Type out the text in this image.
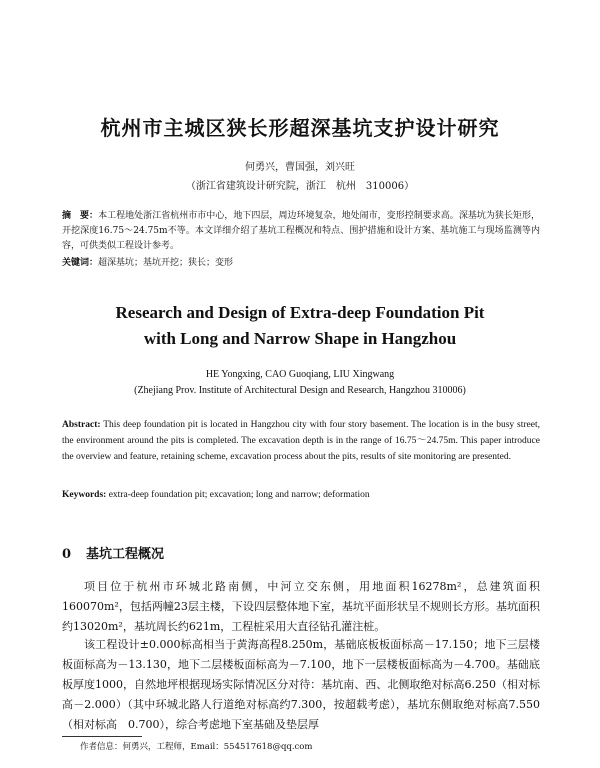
杭州市主城区狭长形超深基坑支护设计研究
何勇兴，曹国强，刘兴旺
（浙江省建筑设计研究院，浙江　杭州　310006）
摘　要：本工程地处浙江省杭州市市中心，地下四层，周边环境复杂，地处闹市，变形控制要求高。深基坑为狭长矩形，开挖深度16.75～24.75m不等。本文详细介绍了基坑工程概况和特点、围护措施和设计方案、基坑施工与现场监测等内容，可供类似工程设计参考。
关键词：超深基坑；基坑开挖；狭长；变形
Research and Design of Extra-deep Foundation Pit
with Long and Narrow Shape in Hangzhou
HE Yongxing, CAO Guoqiang, LIU Xingwang
(Zhejiang Prov. Institute of Architectural Design and Research, Hangzhou 310006)
Abstract: This deep foundation pit is located in Hangzhou city with four story basement. The location is in the busy street, the environment around the pits is completed. The excavation depth is in the range of 16.75～24.75m. This paper introduce the overview and feature, retaining scheme, excavation process about the pits, results of site monitoring are presented.
Keywords: extra-deep foundation pit; excavation; long and narrow; deformation
0 基坑工程概况
项目位于杭州市环城北路南侧，中河立交东侧，用地面积16278m²，总建筑面积160070m²，包括两幢23层主楼，下设四层整体地下室，基坑平面形状呈不规则长方形。基坑面积约13020m²，基坑周长约621m，工程桩采用大直径钻孔灌注桩。
该工程设计±0.000标高相当于黄海高程8.250m，基础底板板面标高－17.150；地下三层楼板面标高为－13.130，地下二层楼板面标高为－7.100，地下一层楼板面标高为－4.700。基础底板厚度1000，自然地坪根据现场实际情况区分对待：基坑南、西、北侧取绝对标高6.250（相对标高－2.000）（其中环城北路人行道绝对标高约7.300，按超载考虑），基坑东侧取绝对标高7.550（相对标高　0.700），综合考虑地下室基础及垫层厚
作者信息：何勇兴，工程师，Email：554517618@qq.com
